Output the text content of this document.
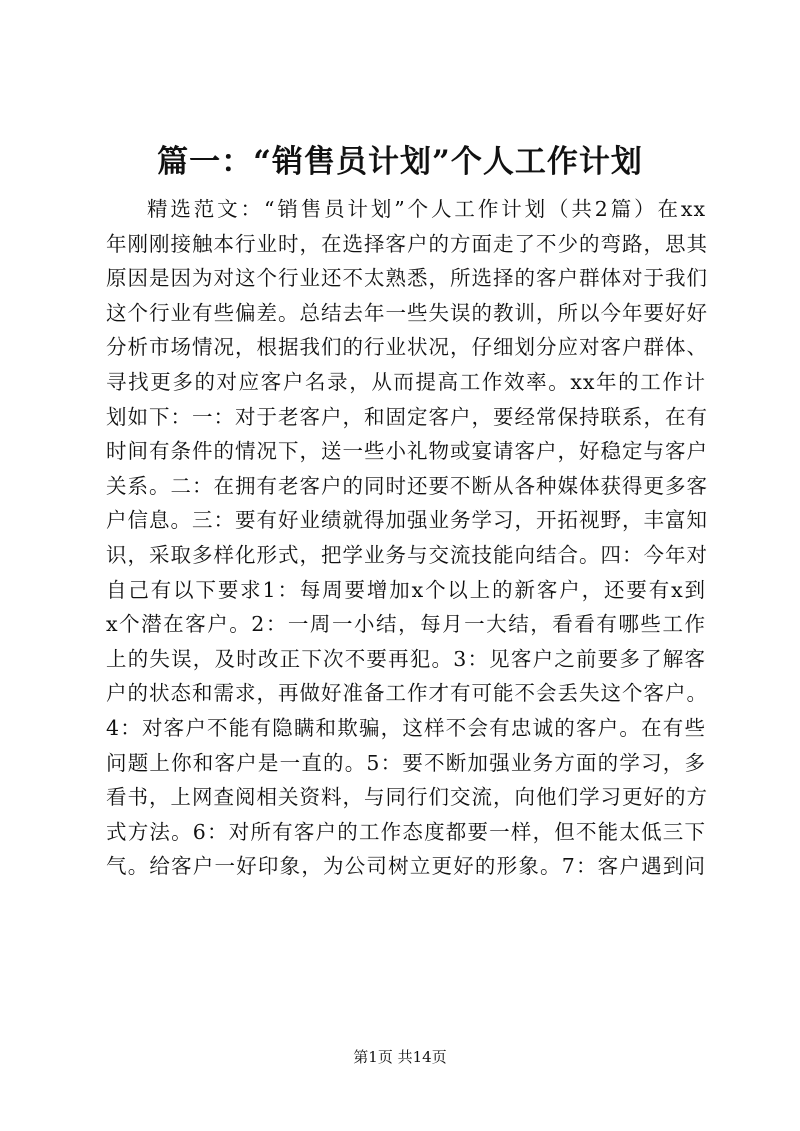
篇一：“销售员计划”个人工作计划
精选范文：“销售员计划”个人工作计划（共2篇）在xx
年刚刚接触本行业时，在选择客户的方面走了不少的弯路，思其
原因是因为对这个行业还不太熟悉，所选择的客户群体对于我们
这个行业有些偏差。总结去年一些失误的教训，所以今年要好好
分析市场情况，根据我们的行业状况，仔细划分应对客户群体、
寻找更多的对应客户名录，从而提高工作效率。xx年的工作计
划如下：一：对于老客户，和固定客户，要经常保持联系，在有
时间有条件的情况下，送一些小礼物或宴请客户，好稳定与客户
关系。二：在拥有老客户的同时还要不断从各种媒体获得更多客
户信息。三：要有好业绩就得加强业务学习，开拓视野，丰富知
识，采取多样化形式，把学业务与交流技能向结合。四：今年对
自己有以下要求1：每周要增加x个以上的新客户，还要有x到
x个潜在客户。2：一周一小结，每月一大结，看看有哪些工作
上的失误，及时改正下次不要再犯。3：见客户之前要多了解客
户的状态和需求，再做好准备工作才有可能不会丢失这个客户。
4：对客户不能有隐瞒和欺骗，这样不会有忠诚的客户。在有些
问题上你和客户是一直的。5：要不断加强业务方面的学习，多
看书，上网查阅相关资料，与同行们交流，向他们学习更好的方
式方法。6：对所有客户的工作态度都要一样，但不能太低三下
气。给客户一好印象，为公司树立更好的形象。7：客户遇到问
第1页 共14页
